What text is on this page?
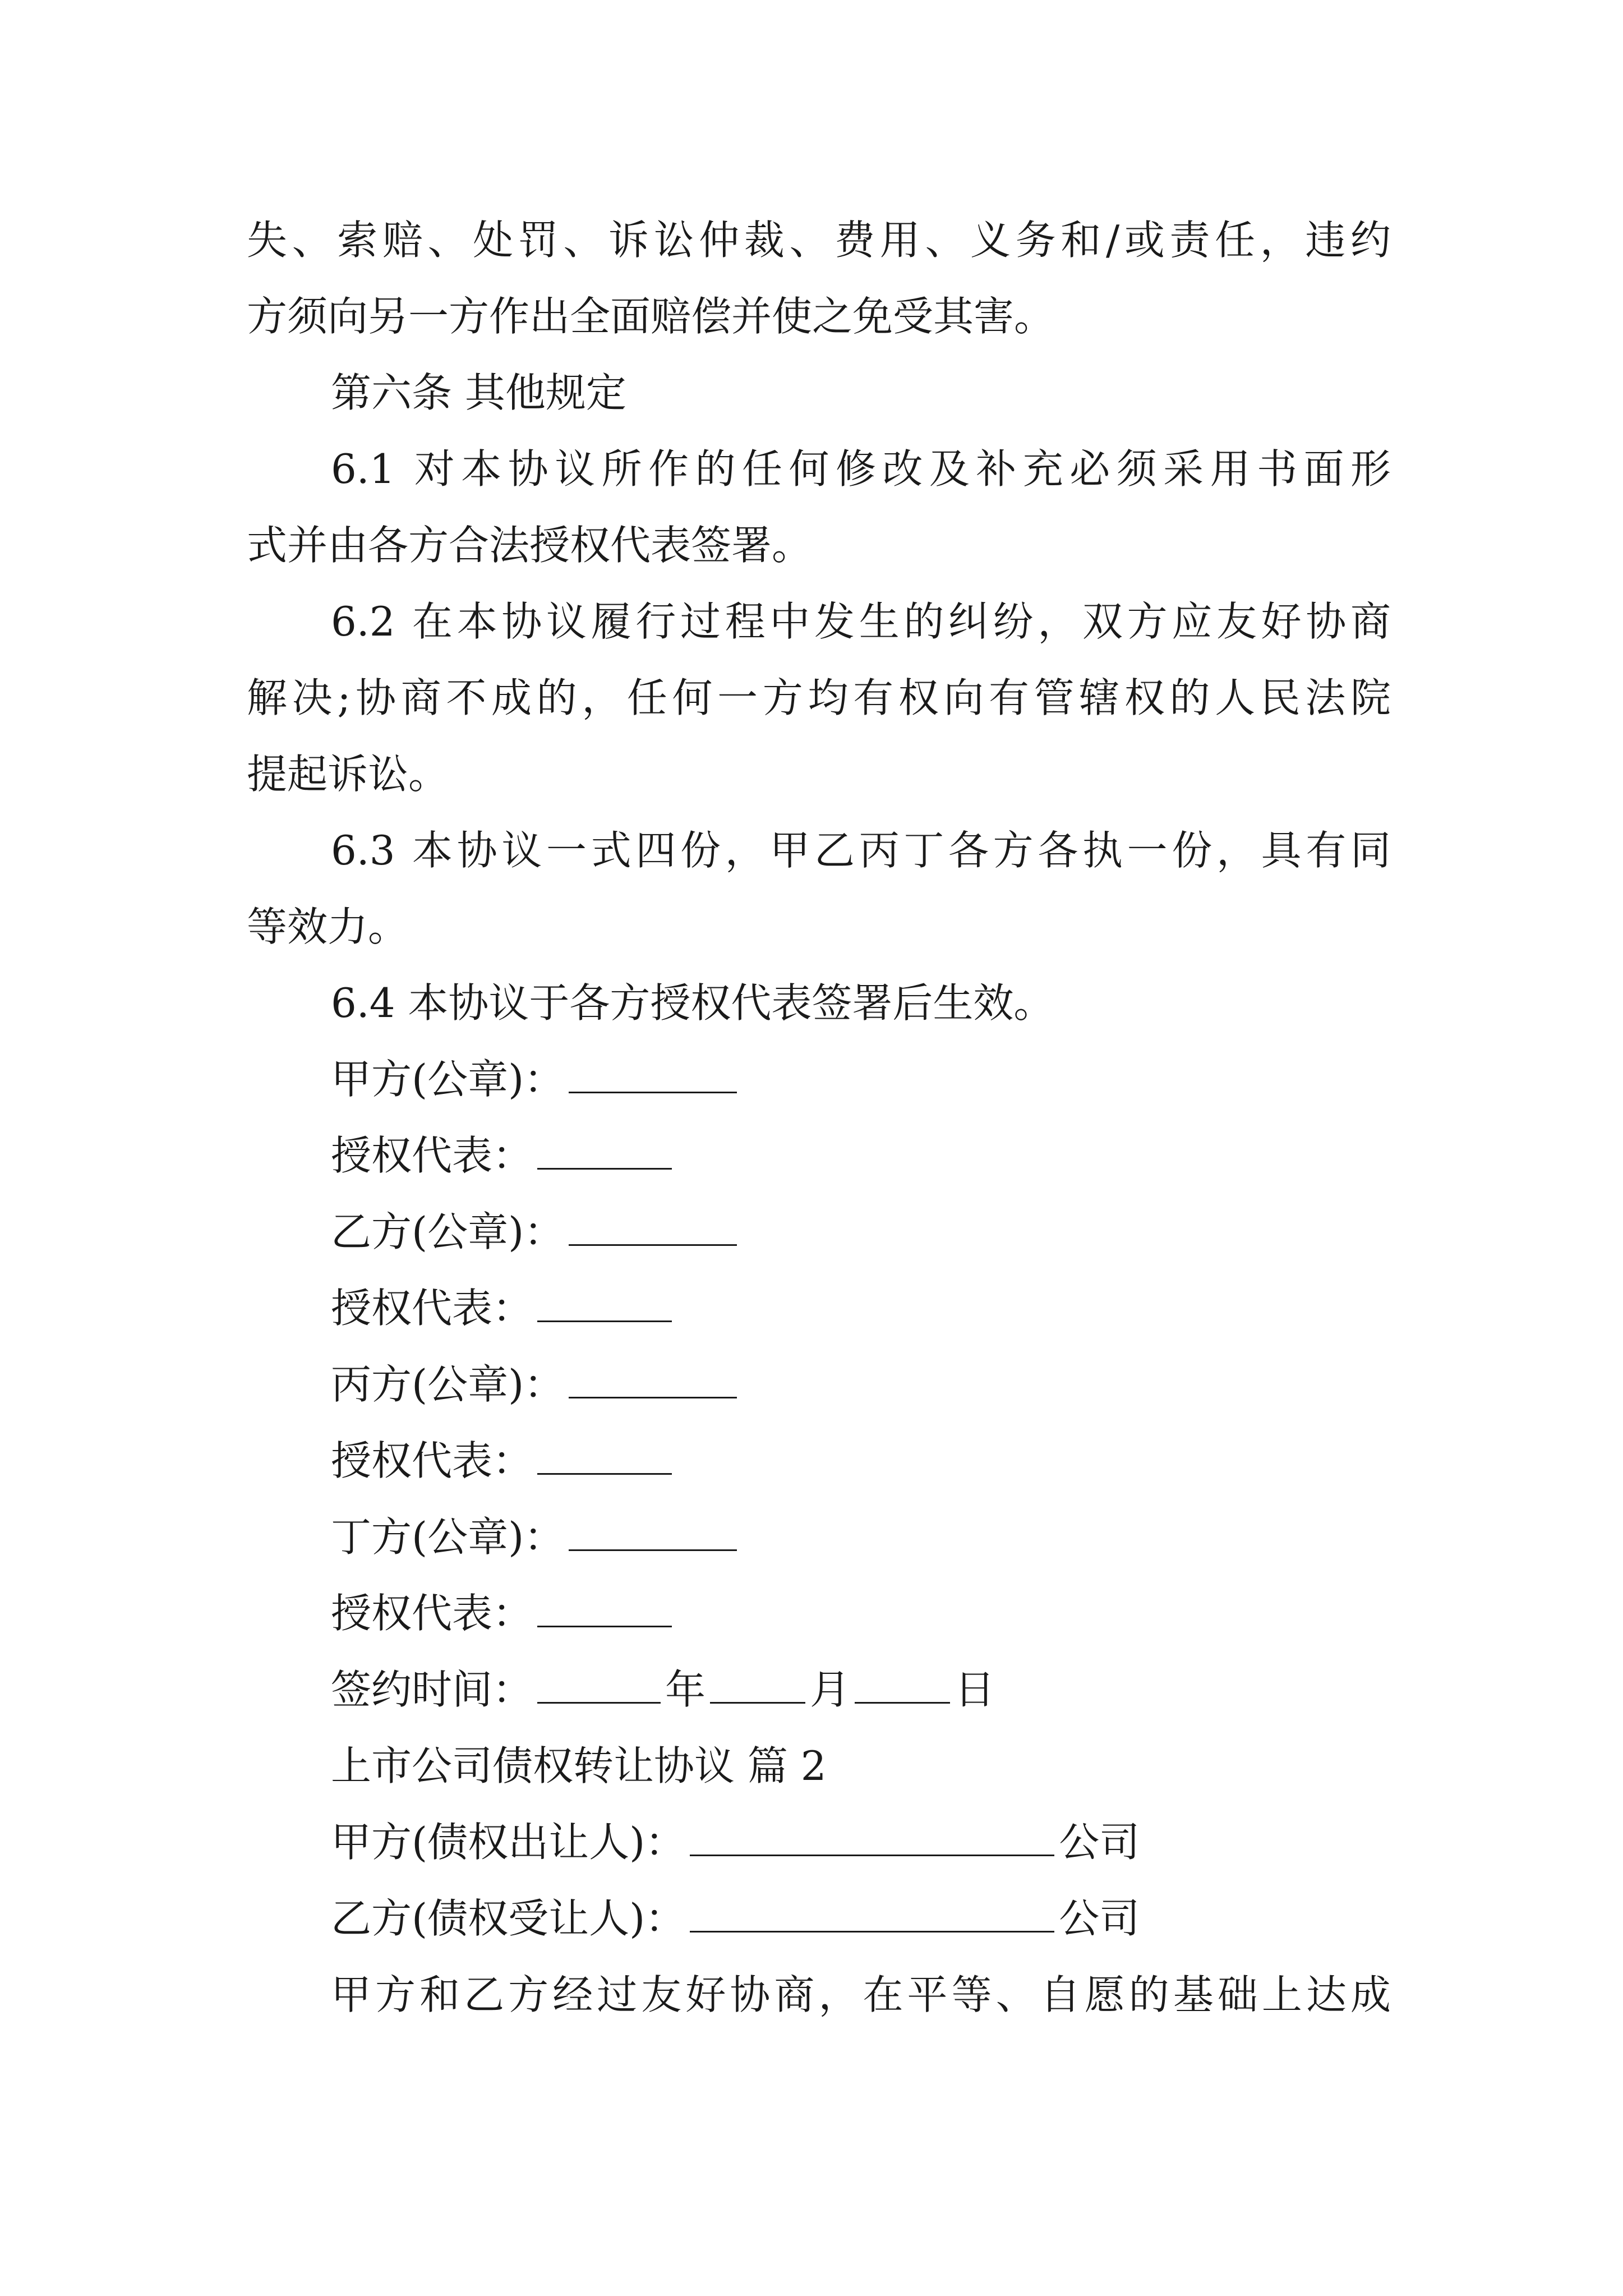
失、索赔、处罚、诉讼仲裁、费用、义务和/或责任，违约
方须向另一方作出全面赔偿并使之免受其害。
第六条 其他规定
6.1 对本协议所作的任何修改及补充必须采用书面形
式并由各方合法授权代表签署。
6.2 在本协议履行过程中发生的纠纷，双方应友好协商
解决;协商不成的，任何一方均有权向有管辖权的人民法院
提起诉讼。
6.3 本协议一式四份，甲乙丙丁各方各执一份，具有同
等效力。
6.4 本协议于各方授权代表签署后生效。
甲方(公章)：
授权代表：
乙方(公章)：
授权代表：
丙方(公章)：
授权代表：
丁方(公章)：
授权代表：
签约时间：	年	月	日
上市公司债权转让协议 篇 2
甲方(债权出让人)：	公司
乙方(债权受让人)：	公司
甲方和乙方经过友好协商，在平等、自愿的基础上达成
